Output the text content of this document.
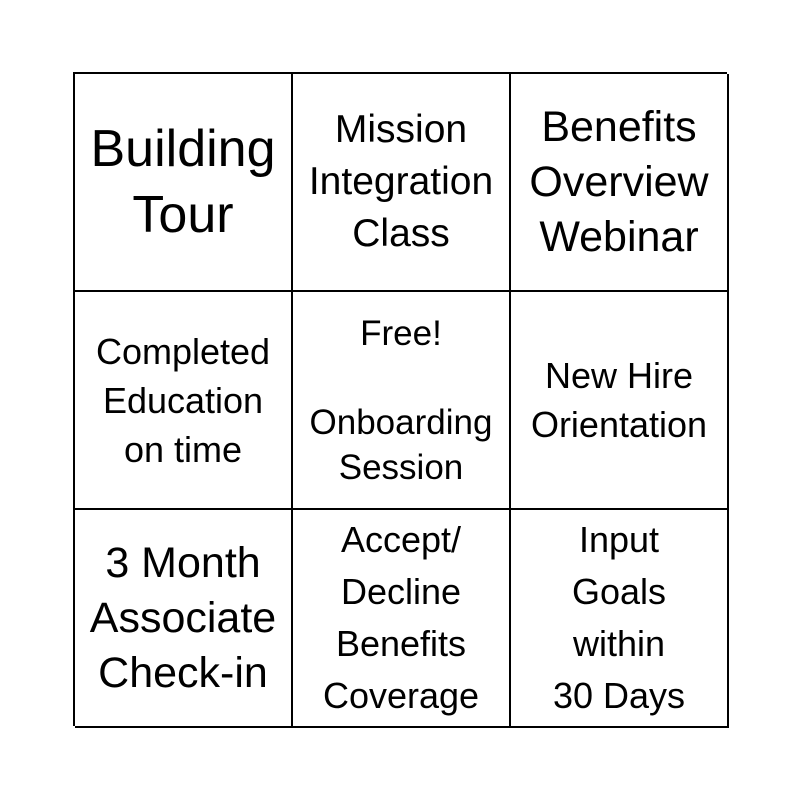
Building
Tour
Mission
Integration
Class
Benefits
Overview
Webinar
Completed
Education
on time
Free!
Onboarding
Session
New Hire
Orientation
3 Month
Associate
Check-in
Accept/
Decline
Benefits
Coverage
Input
Goals
within
30 Days
